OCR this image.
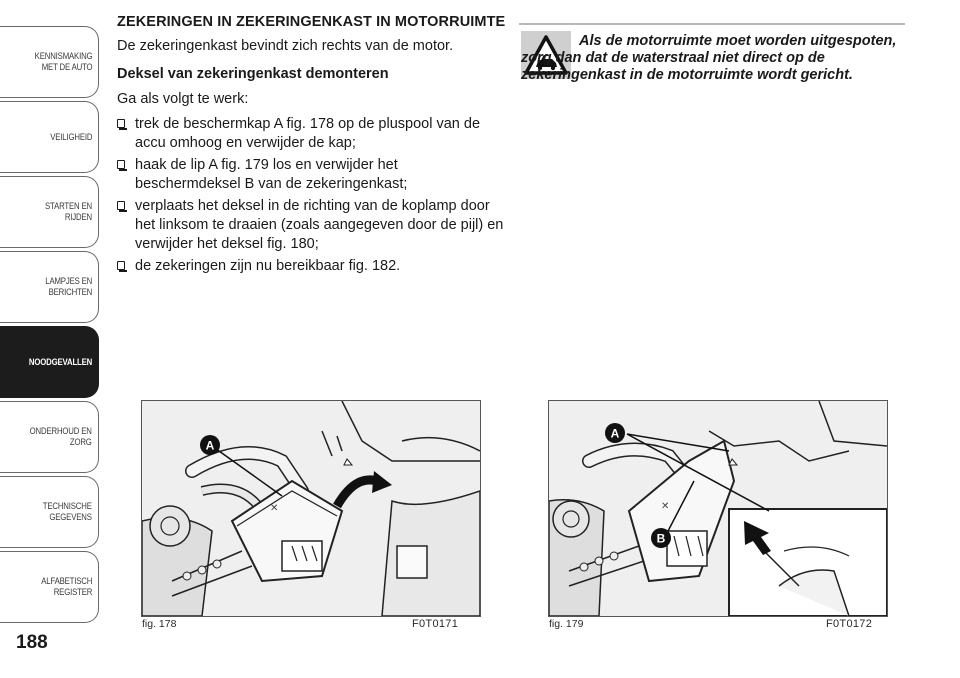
KENNISMAKING
MET DE AUTO
VEILIGHEID
STARTEN EN RIJDEN
LAMPJES EN
BERICHTEN
NOODGEVALLEN
ONDERHOUD EN
ZORG
TECHNISCHE
GEGEVENS
ALFABETISCH
REGISTER
188
ZEKERINGEN IN ZEKERINGENKAST IN MOTORRUIMTE

De zekeringenkast bevindt zich rechts van de motor.

Deksel van zekeringenkast demonteren

Ga als volgt te werk:

trek de beschermkap A fig. 178 op de pluspool van de accu omhoog en verwijder de kap;
haak de lip A fig. 179 los en verwijder het beschermdeksel B van de zekeringenkast;
verplaats het deksel in de richting van de koplamp door het linksom te draaien (zoals aangegeven door de pijl) en verwijder het deksel fig. 180;
de zekeringen zijn nu bereikbaar fig. 182.
Als de motorruimte moet worden uitgespoten, zorg dan dat de waterstraal niet direct op de zekeringenkast in de motorruimte wordt gericht.
✕
A
fig. 178	F0T0171
✕
A
B
fig. 179	F0T0172
